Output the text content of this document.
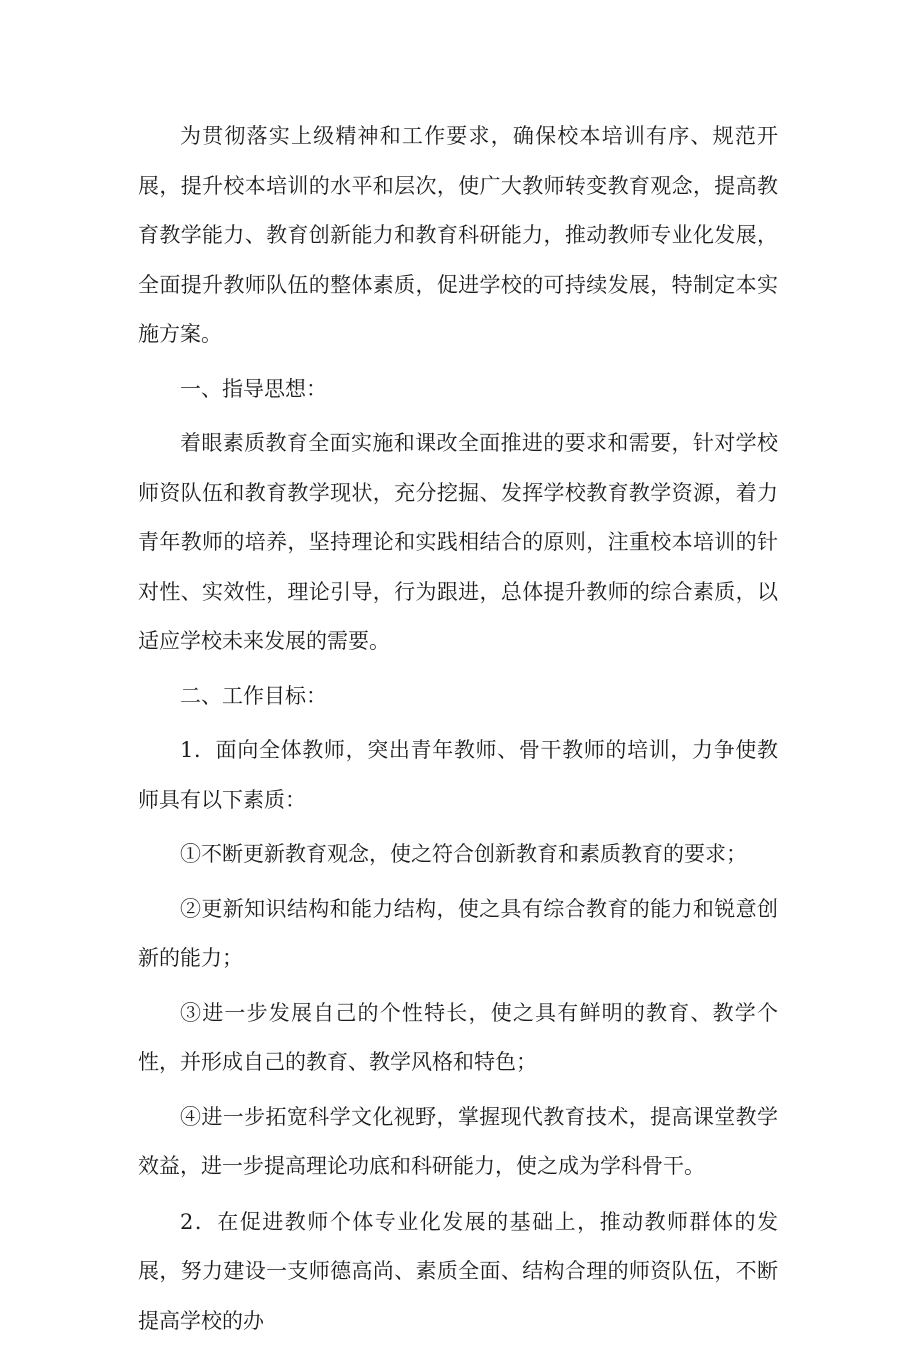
为贯彻落实上级精神和工作要求，确保校本培训有序、规范开展，提升校本培训的水平和层次，使广大教师转变教育观念，提高教育教学能力、教育创新能力和教育科研能力，推动教师专业化发展，全面提升教师队伍的整体素质，促进学校的可持续发展，特制定本实施方案。

一、指导思想：

着眼素质教育全面实施和课改全面推进的要求和需要，针对学校师资队伍和教育教学现状，充分挖掘、发挥学校教育教学资源，着力青年教师的培养，坚持理论和实践相结合的原则，注重校本培训的针对性、实效性，理论引导，行为跟进，总体提升教师的综合素质，以适应学校未来发展的需要。

二、工作目标：

1．面向全体教师，突出青年教师、骨干教师的培训，力争使教师具有以下素质：

①不断更新教育观念，使之符合创新教育和素质教育的要求；

②更新知识结构和能力结构，使之具有综合教育的能力和锐意创新的能力；

③进一步发展自己的个性特长，使之具有鲜明的教育、教学个性，并形成自己的教育、教学风格和特色；

④进一步拓宽科学文化视野，掌握现代教育技术，提高课堂教学效益，进一步提高理论功底和科研能力，使之成为学科骨干。

2．在促进教师个体专业化发展的基础上，推动教师群体的发展，努力建设一支师德高尚、素质全面、结构合理的师资队伍，不断提高学校的办
